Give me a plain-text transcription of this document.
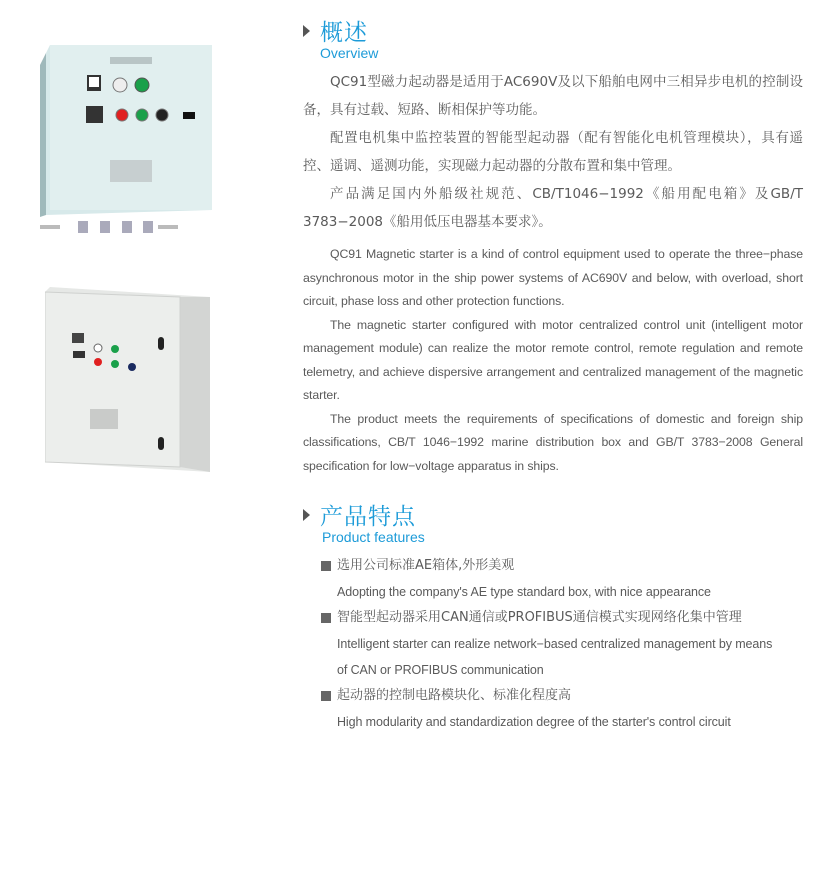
概述
Overview

QC91型磁力起动器是适用于AC690V及以下船舶电网中三相异步电机的控制设备，具有过载、短路、断相保护等功能。

配置电机集中监控装置的智能型起动器（配有智能化电机管理模块），具有遥控、遥调、遥测功能，实现磁力起动器的分散布置和集中管理。

产品满足国内外船级社规范、CB/T1046−1992《船用配电箱》及GB/T 3783−2008《船用低压电器基本要求》。

QC91 Magnetic starter is a kind of control equipment used to operate the three−phase asynchronous motor in the ship power systems of AC690V and below, with overload, short circuit, phase loss and other protection functions.

The magnetic starter configured with motor centralized control unit (intelligent motor management module) can realize the motor remote control, remote regulation and remote telemetry, and achieve dispersive arrangement and centralized management of the magnetic starter.

The product meets the requirements of specifications of domestic and foreign ship classifications, CB/T 1046−1992 marine distribution box and GB/T 3783−2008 General specification for low−voltage apparatus in ships.

产品特点
Product features
选用公司标准AE箱体,外形美观
Adopting the company's AE type standard box, with nice appearance
智能型起动器采用CAN通信或PROFIBUS通信模式实现网络化集中管理
Intelligent starter can realize network−based centralized management by means of CAN or PROFIBUS communication
起动器的控制电路模块化、标准化程度高
High modularity and standardization degree of the starter's control circuit
